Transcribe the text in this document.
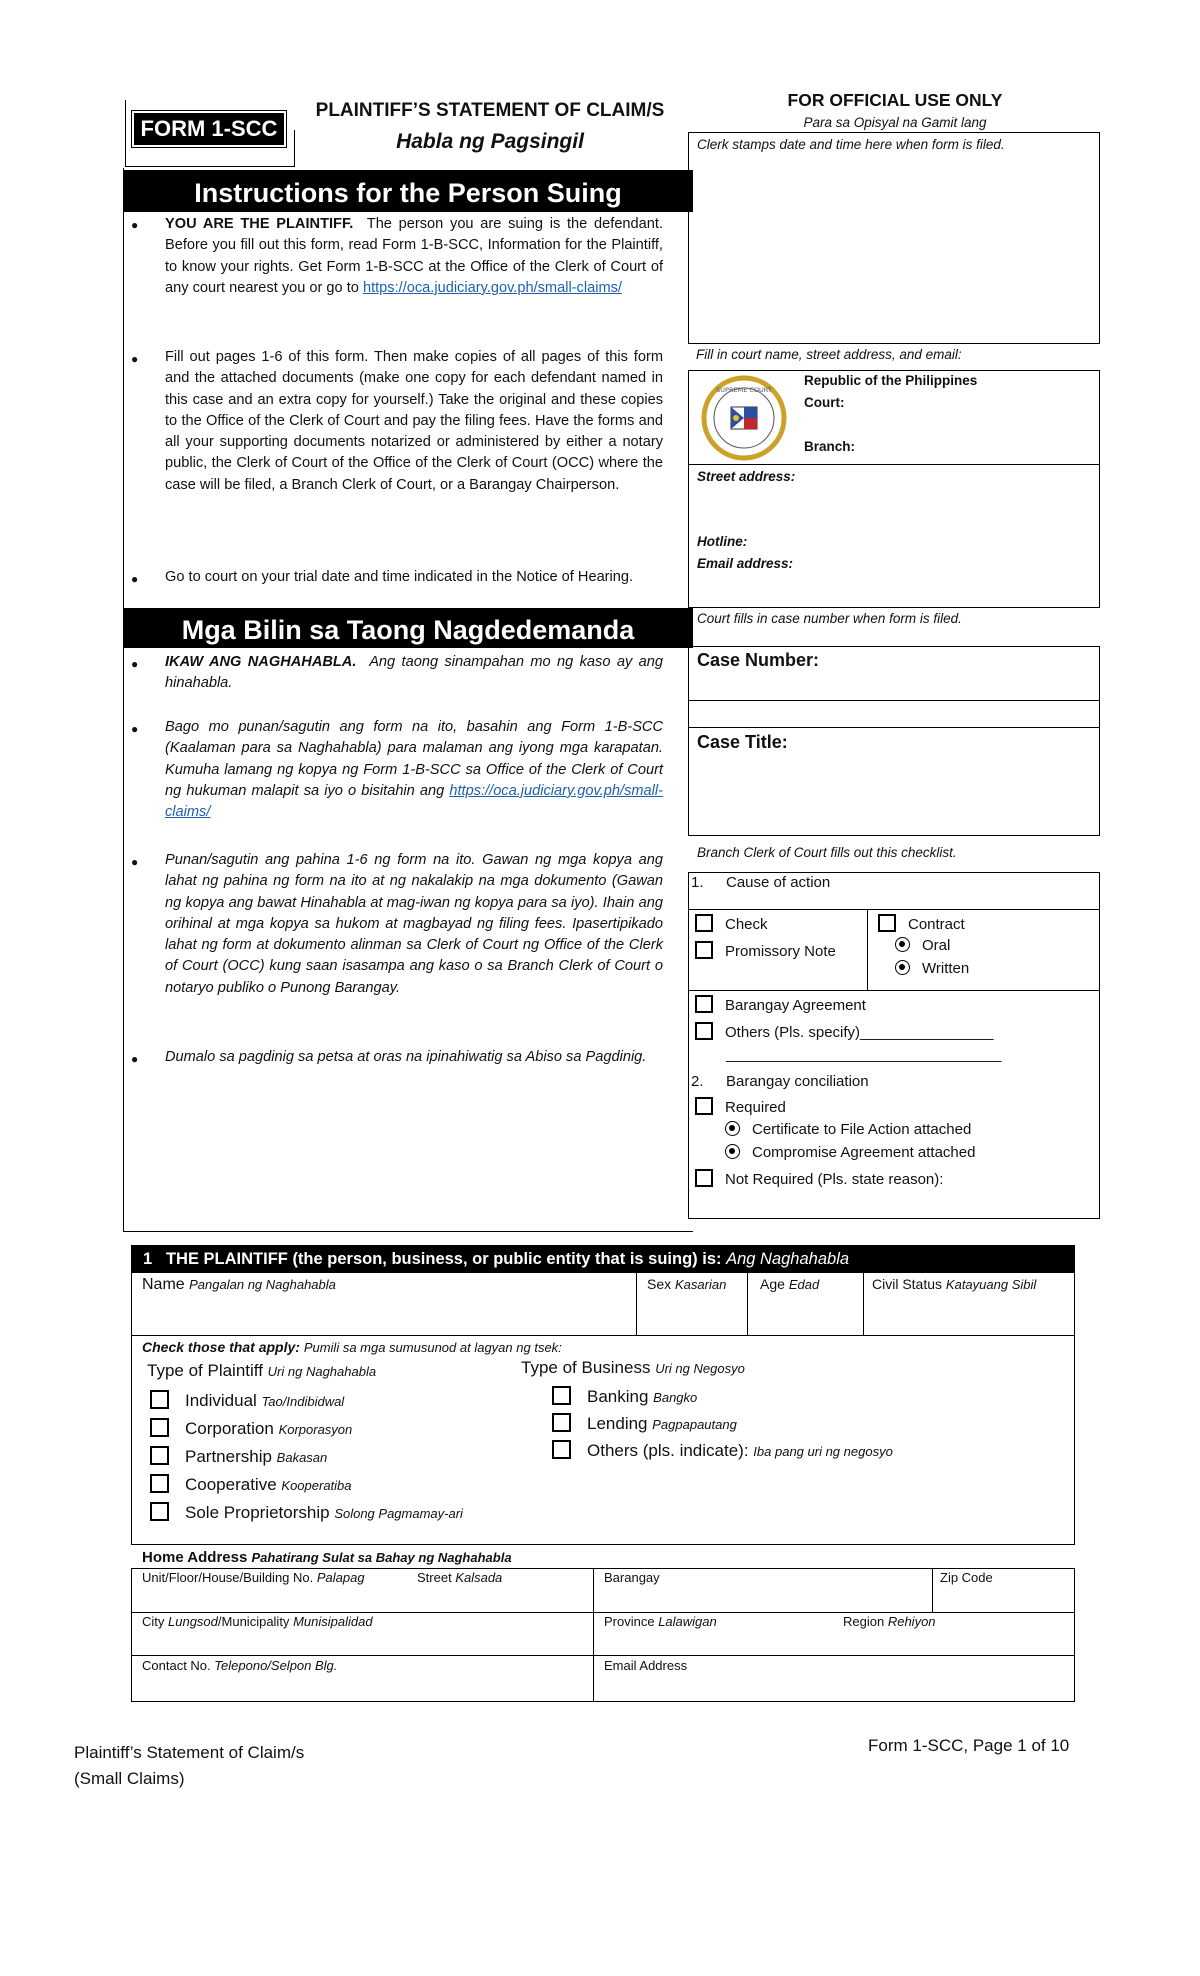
FORM 1-SCC
PLAINTIFF’S STATEMENT OF CLAIM/S
Habla ng Pagsingil
FOR OFFICIAL USE ONLY
Para sa Opisyal na Gamit lang
Instructions for the Person Suing
● YOU ARE THE PLAINTIFF. The person you are suing is the defendant. Before you fill out this form, read Form 1-B-SCC, Information for the Plaintiff, to know your rights. Get Form 1-B-SCC at the Office of the Clerk of Court of any court nearest you or go to https://oca.judiciary.gov.ph/small-claims/
● Fill out pages 1-6 of this form. Then make copies of all pages of this form and the attached documents (make one copy for each defendant named in this case and an extra copy for yourself.) Take the original and these copies to the Office of the Clerk of Court and pay the filing fees. Have the forms and all your supporting documents notarized or administered by either a notary public, the Clerk of Court of the Office of the Clerk of Court (OCC) where the case will be filed, a Branch Clerk of Court, or a Barangay Chairperson.
● Go to court on your trial date and time indicated in the Notice of Hearing.
Mga Bilin sa Taong Nagdedemanda
● IKAW ANG NAGHAHABLA. Ang taong sinampahan mo ng kaso ay ang hinahabla.
● Bago mo punan/sagutin ang form na ito, basahin ang Form 1-B-SCC (Kaalaman para sa Naghahabla) para malaman ang iyong mga karapatan. Kumuha lamang ng kopya ng Form 1-B-SCC sa Office of the Clerk of Court ng hukuman malapit sa iyo o bisitahin ang https://oca.judiciary.gov.ph/small-claims/
● Punan/sagutin ang pahina 1-6 ng form na ito. Gawan ng mga kopya ang lahat ng pahina ng form na ito at ng nakalakip na mga dokumento (Gawan ng kopya ang bawat Hinahabla at mag-iwan ng kopya para sa iyo). Ihain ang orihinal at mga kopya sa hukom at magbayad ng filing fees. Ipasertipikado lahat ng form at dokumento alinman sa Clerk of Court ng Office of the Clerk of Court (OCC) kung saan isasampa ang kaso o sa Branch Clerk of Court o notaryo publiko o Punong Barangay.
● Dumalo sa pagdinig sa petsa at oras na ipinahiwatig sa Abiso sa Pagdinig.
Clerk stamps date and time here when form is filed.
Fill in court name, street address, and email:
SUPREME COURT
Republic of the Philippines
Court:
Branch:
Street address:
Hotline:
Email address:
Court fills in case number when form is filed.
Case Number:
Case Title:
Branch Clerk of Court fills out this checklist.
1. Cause of action
Check
Promissory Note
Contract
Oral
Written
Barangay Agreement
Others (Pls. specify)________________
_________________________________
2. Barangay conciliation
Required
Certificate to File Action attached
Compromise Agreement attached
Not Required (Pls. state reason):
1 THE PLAINTIFF (the person, business, or public entity that is suing) is: Ang Naghahabla
Name Pangalan ng Naghahabla	Sex Kasarian Age Edad	Civil Status Katayuang Sibil
Check those that apply: Pumili sa mga sumusunod at lagyan ng tsek:
Type of Plaintiff Uri ng Naghahabla
Individual Tao/Indibidwal
Corporation Korporasyon
Partnership Bakasan
Cooperative Kooperatiba
Sole Proprietorship Solong Pagmamay-ari
Type of Business Uri ng Negosyo
Banking Bangko
Lending Pagpapautang
Others (pls. indicate): Iba pang uri ng negosyo
Home Address Pahatirang Sulat sa Bahay ng Naghahabla
Unit/Floor/House/Building No. Palapag	Street Kalsada	Barangay	Zip Code
City Lungsod/Municipality Munisipalidad	Province Lalawigan	Region Rehiyon
Contact No. Telepono/Selpon Blg.	Email Address
Plaintiff’s Statement of Claim/s
(Small Claims)
Form 1-SCC, Page 1 of 10
